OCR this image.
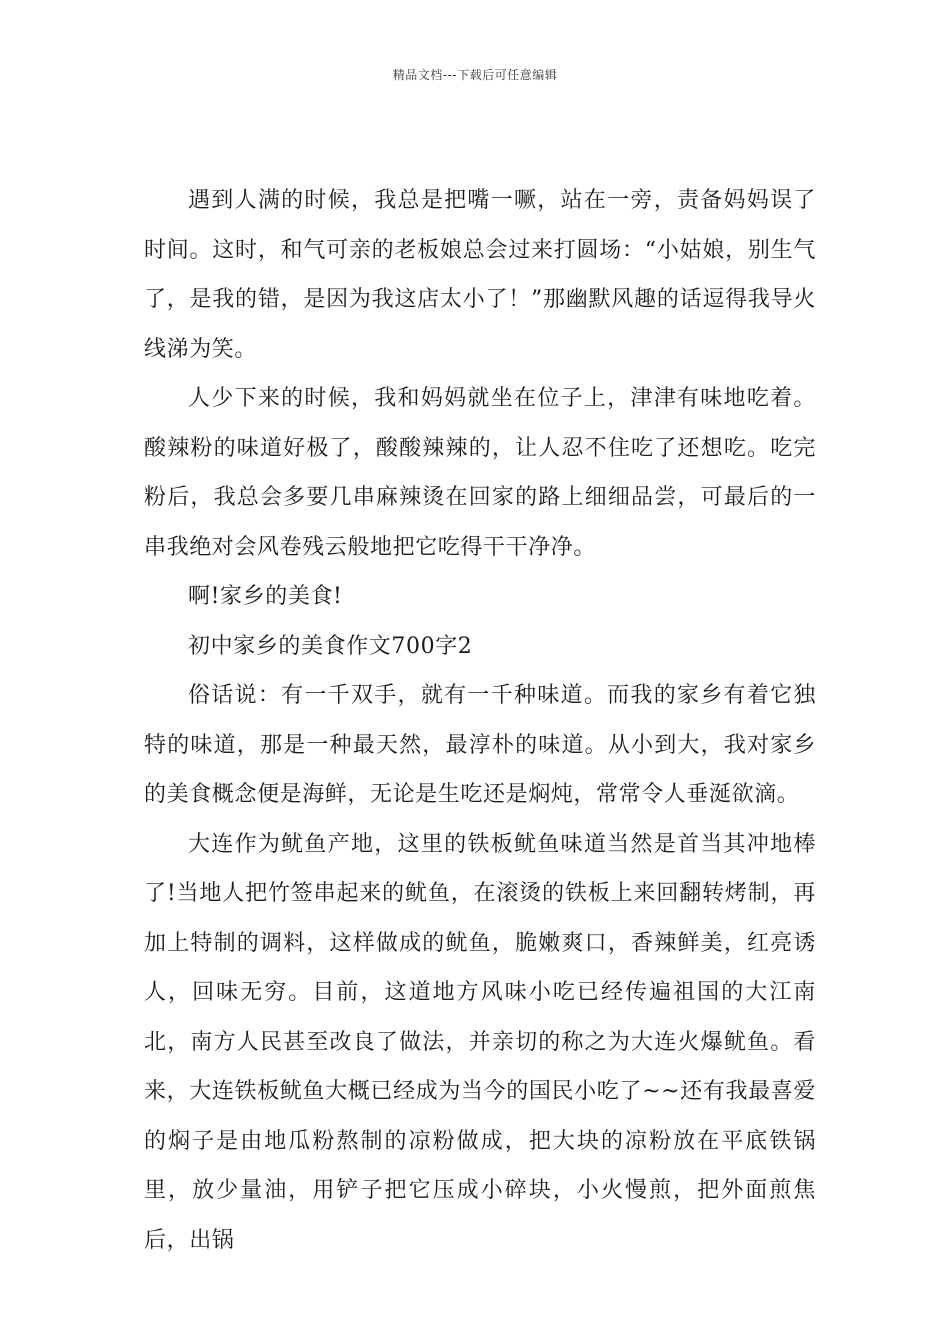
精品文档---下载后可任意编辑

遇到人满的时候，我总是把嘴一噘，站在一旁，责备妈妈误了时间。这时，和气可亲的老板娘总会过来打圆场：“小姑娘，别生气了，是我的错，是因为我这店太小了！”那幽默风趣的话逗得我导火线涕为笑。

人少下来的时候，我和妈妈就坐在位子上，津津有味地吃着。酸辣粉的味道好极了，酸酸辣辣的，让人忍不住吃了还想吃。吃完粉后，我总会多要几串麻辣烫在回家的路上细细品尝，可最后的一串我绝对会风卷残云般地把它吃得干干净净。

啊!家乡的美食!

初中家乡的美食作文700字2

俗话说：有一千双手，就有一千种味道。而我的家乡有着它独特的味道，那是一种最天然，最淳朴的味道。从小到大，我对家乡的美食概念便是海鲜，无论是生吃还是焖炖，常常令人垂涎欲滴。

大连作为鱿鱼产地，这里的铁板鱿鱼味道当然是首当其冲地棒了!当地人把竹签串起来的鱿鱼，在滚烫的铁板上来回翻转烤制，再加上特制的调料，这样做成的鱿鱼，脆嫩爽口，香辣鲜美，红亮诱人，回味无穷。目前，这道地方风味小吃已经传遍祖国的大江南北，南方人民甚至改良了做法，并亲切的称之为大连火爆鱿鱼。看来，大连铁板鱿鱼大概已经成为当今的国民小吃了~~还有我最喜爱的焖子是由地瓜粉熬制的凉粉做成，把大块的凉粉放在平底铁锅里，放少量油，用铲子把它压成小碎块，小火慢煎，把外面煎焦后，出锅
